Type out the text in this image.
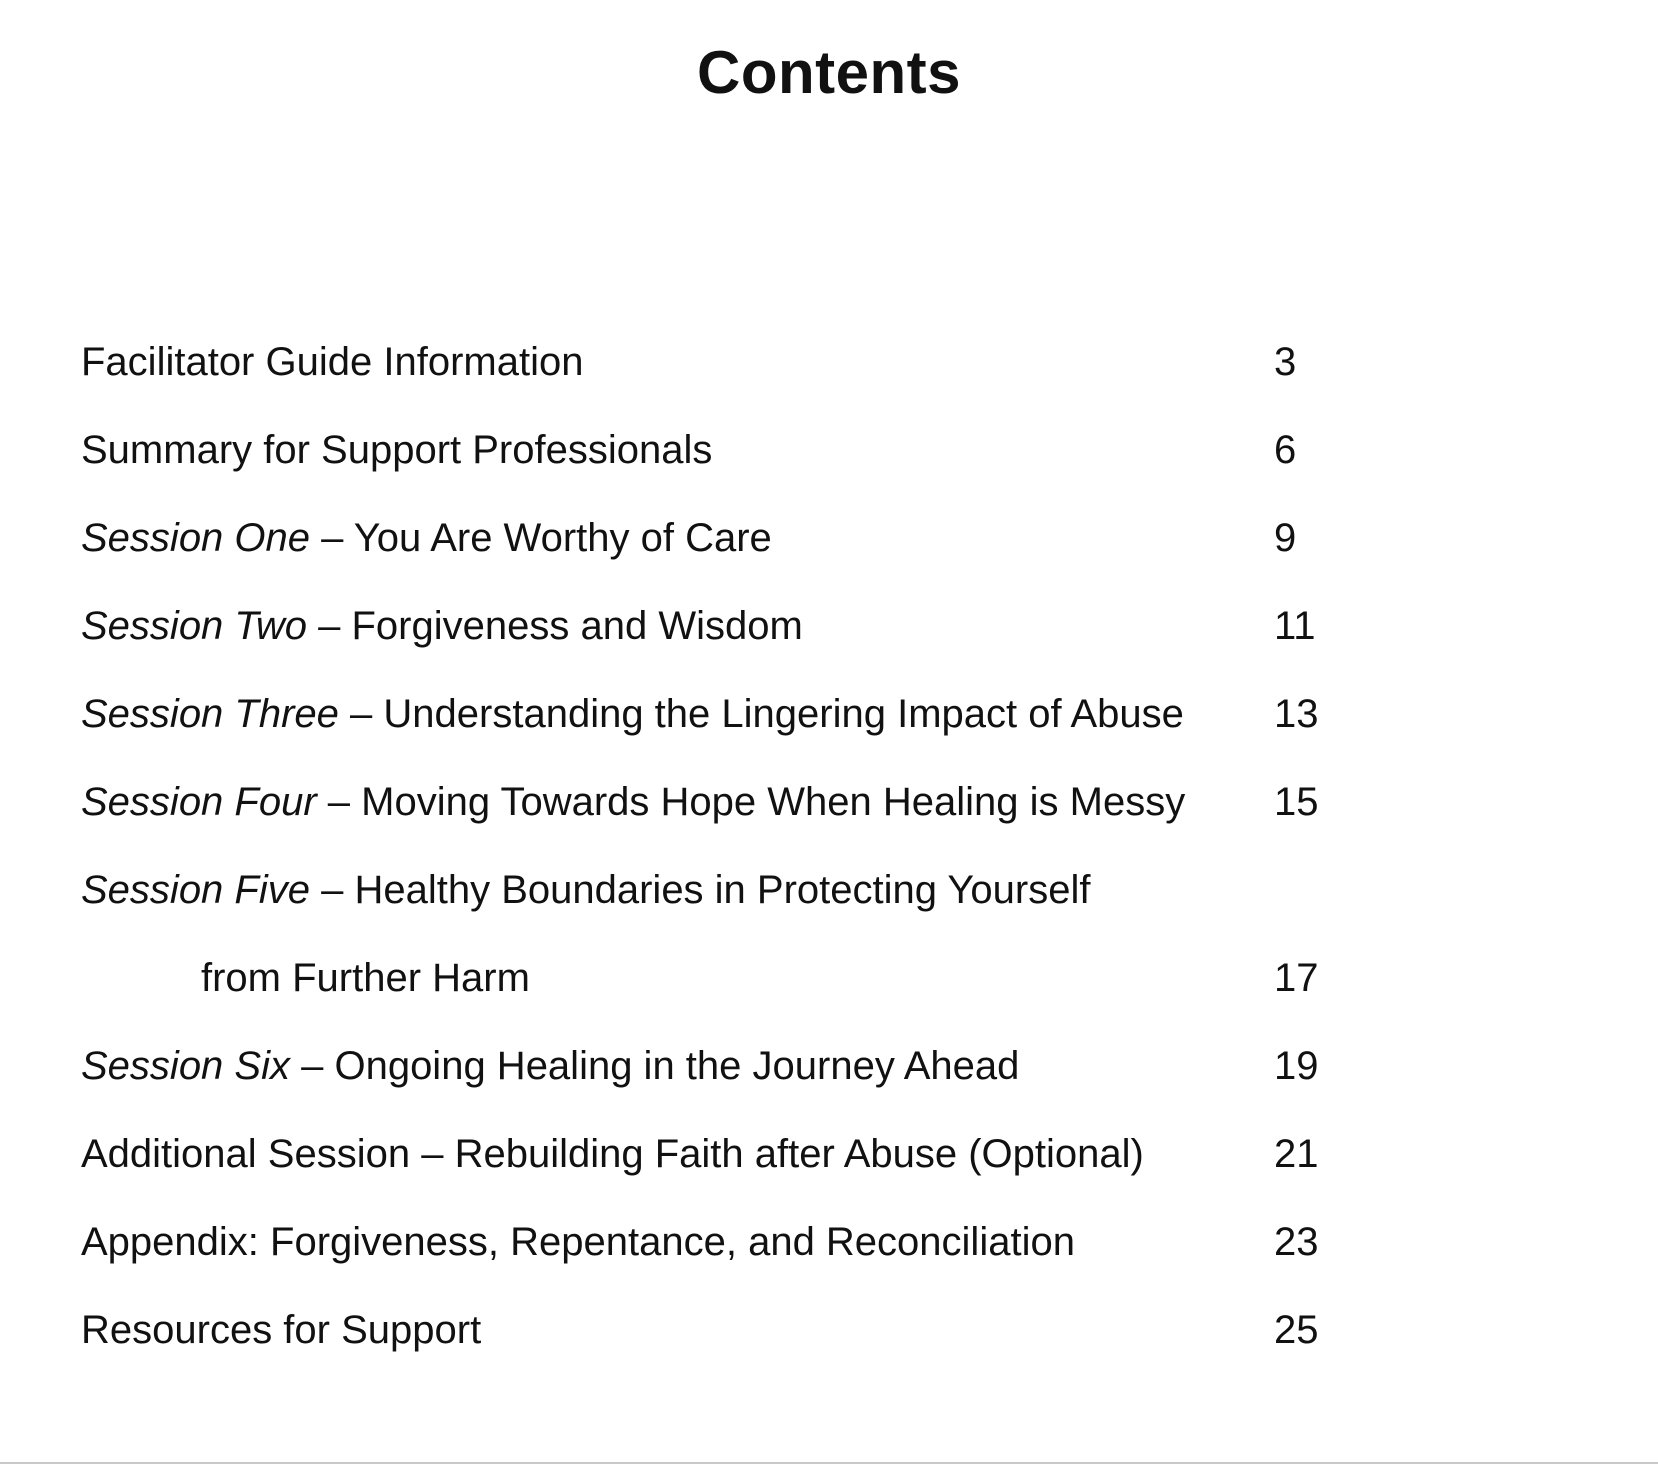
Contents
Facilitator Guide Information	3
Summary for Support Professionals	6
Session One – You Are Worthy of Care	9
Session Two – Forgiveness and Wisdom	11
Session Three – Understanding the Lingering Impact of Abuse 13
Session Four – Moving Towards Hope When Healing is Messy 15
Session Five – Healthy Boundaries in Protecting Yourself
from Further Harm	17
Session Six – Ongoing Healing in the Journey Ahead	19
Additional Session – Rebuilding Faith after Abuse (Optional)	21
Appendix: Forgiveness, Repentance, and Reconciliation	23
Resources for Support	25
